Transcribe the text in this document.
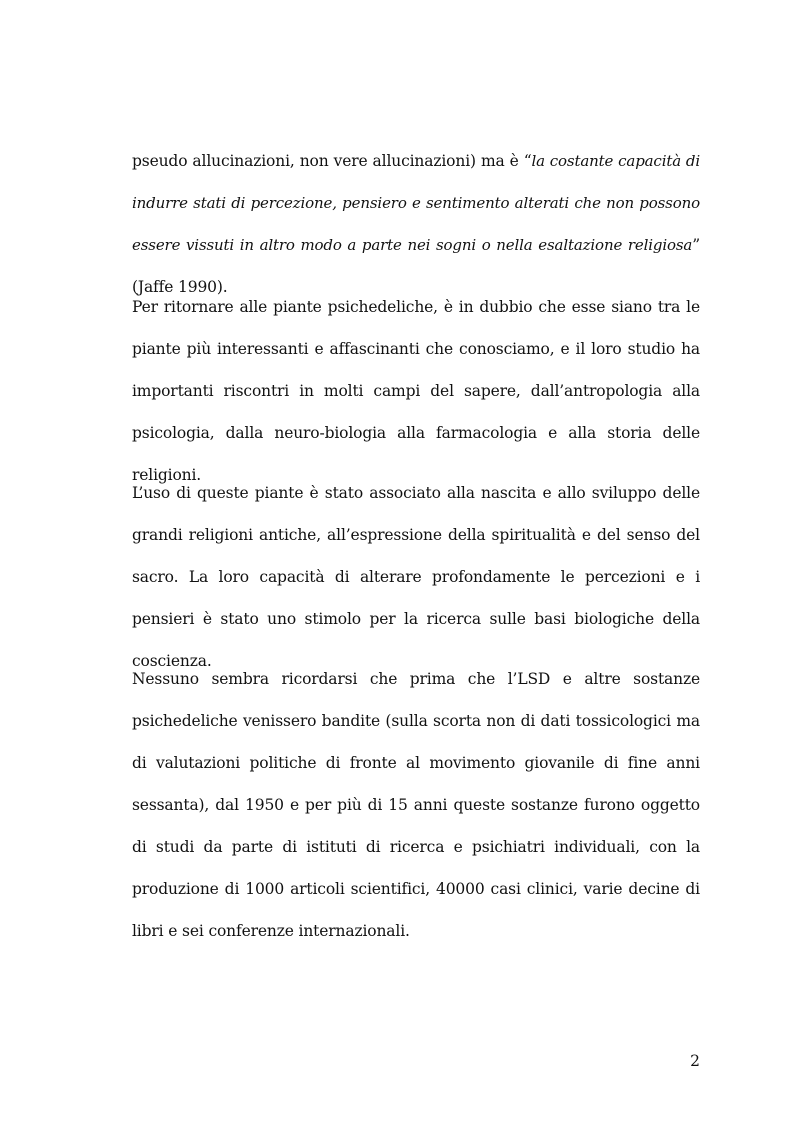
pseudo allucinazioni, non vere allucinazioni) ma è “la costante capacità di indurre stati di percezione, pensiero e sentimento alterati che non possono essere vissuti in altro modo a parte nei sogni o nella esaltazione religiosa” (Jaffe 1990).

Per ritornare alle piante psichedeliche, è in dubbio che esse siano tra le piante più interessanti e affascinanti che conosciamo, e il loro studio ha importanti riscontri in molti campi del sapere, dall’antropologia alla psicologia, dalla neuro-biologia alla farmacologia e alla storia delle religioni.

L’uso di queste piante è stato associato alla nascita e allo sviluppo delle grandi religioni antiche, all’espressione della spiritualità e del senso del sacro. La loro capacità di alterare profondamente le percezioni e i pensieri è stato uno stimolo per la ricerca sulle basi biologiche della coscienza.

Nessuno sembra ricordarsi che prima che l’LSD e altre sostanze psichedeliche venissero bandite (sulla scorta non di dati tossicologici ma di valutazioni politiche di fronte al movimento giovanile di fine anni sessanta), dal 1950 e per più di 15 anni queste sostanze furono oggetto di studi da parte di istituti di ricerca e psichiatri individuali, con la produzione di 1000 articoli scientifici, 40000 casi clinici, varie decine di libri e sei conferenze internazionali.

2
